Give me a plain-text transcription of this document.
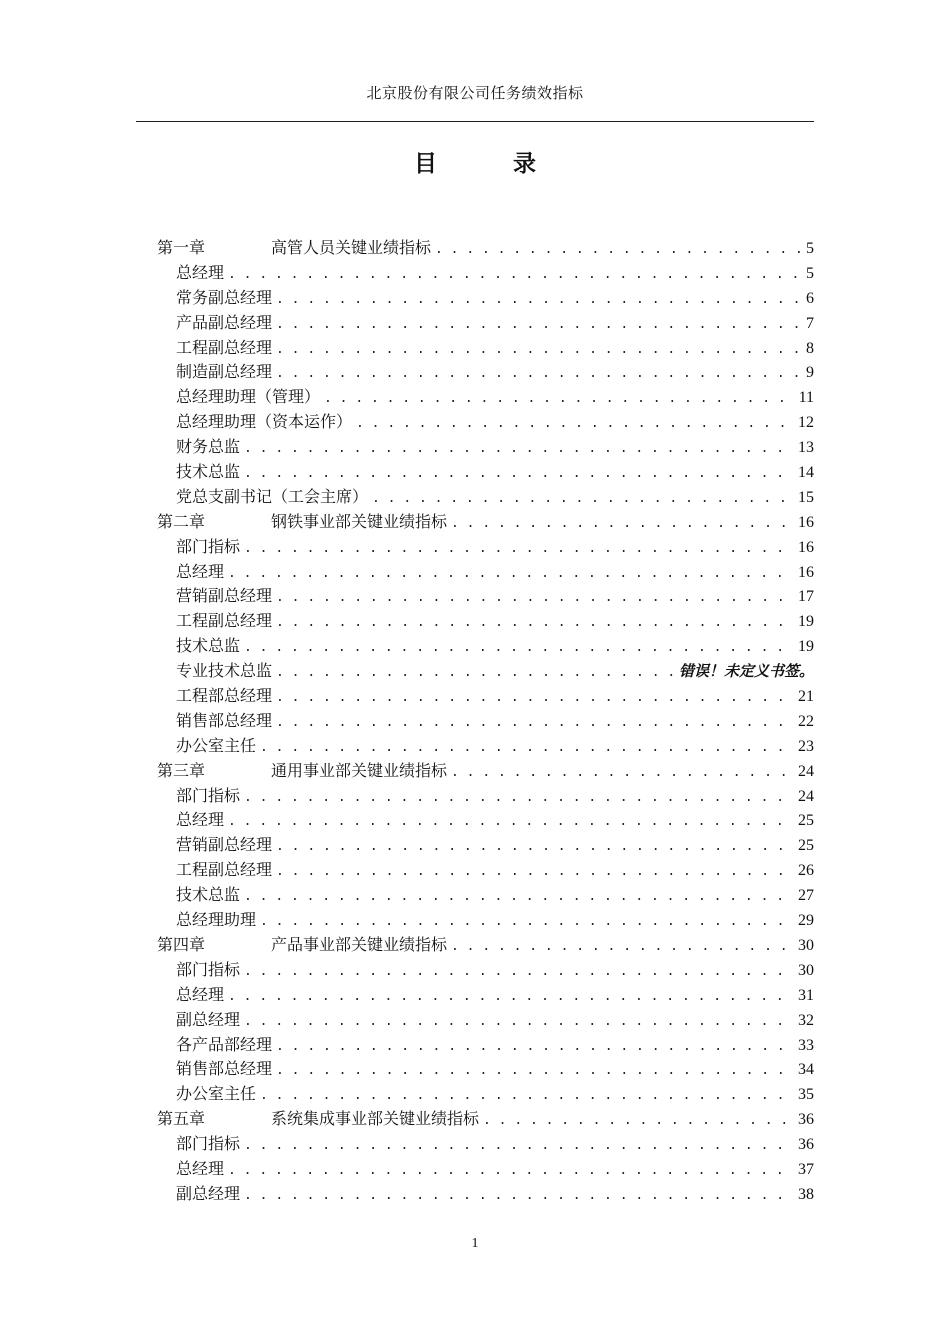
北京股份有限公司任务绩效指标
目 录
第一章	高管人员关键业绩指标 . . .	5
总经理 . . .	5
常务副总经理 . . .	6
产品副总经理 . . .	7
工程副总经理 . . .	8
制造副总经理 . . .	9
总经理助理（管理） . . .	11
总经理助理（资本运作） . . .	12
财务总监 . . .	13
技术总监 . . .	14
党总支副书记（工会主席） . . .	15
第二章	钢铁事业部关键业绩指标 . . .	16
部门指标 . . .	16
总经理 . . .	16
营销副总经理 . . .	17
工程副总经理 . . .	19
技术总监 . . .	19
专业技术总监 . . .	错误！未定义书签。
工程部总经理 . . .	21
销售部总经理 . . .	22
办公室主任 . . .	23
第三章	通用事业部关键业绩指标 . . .	24
部门指标 . . .	24
总经理 . . .	25
营销副总经理 . . .	25
工程副总经理 . . .	26
技术总监 . . .	27
总经理助理 . . .	29
第四章	产品事业部关键业绩指标 . . .	30
部门指标 . . .	30
总经理 . . .	31
副总经理 . . .	32
各产品部经理 . . .	33
销售部总经理 . . .	34
办公室主任 . . .	35
第五章	系统集成事业部关键业绩指标 . . .	36
部门指标 . . .	36
总经理 . . .	37
副总经理 . . .	38
1
